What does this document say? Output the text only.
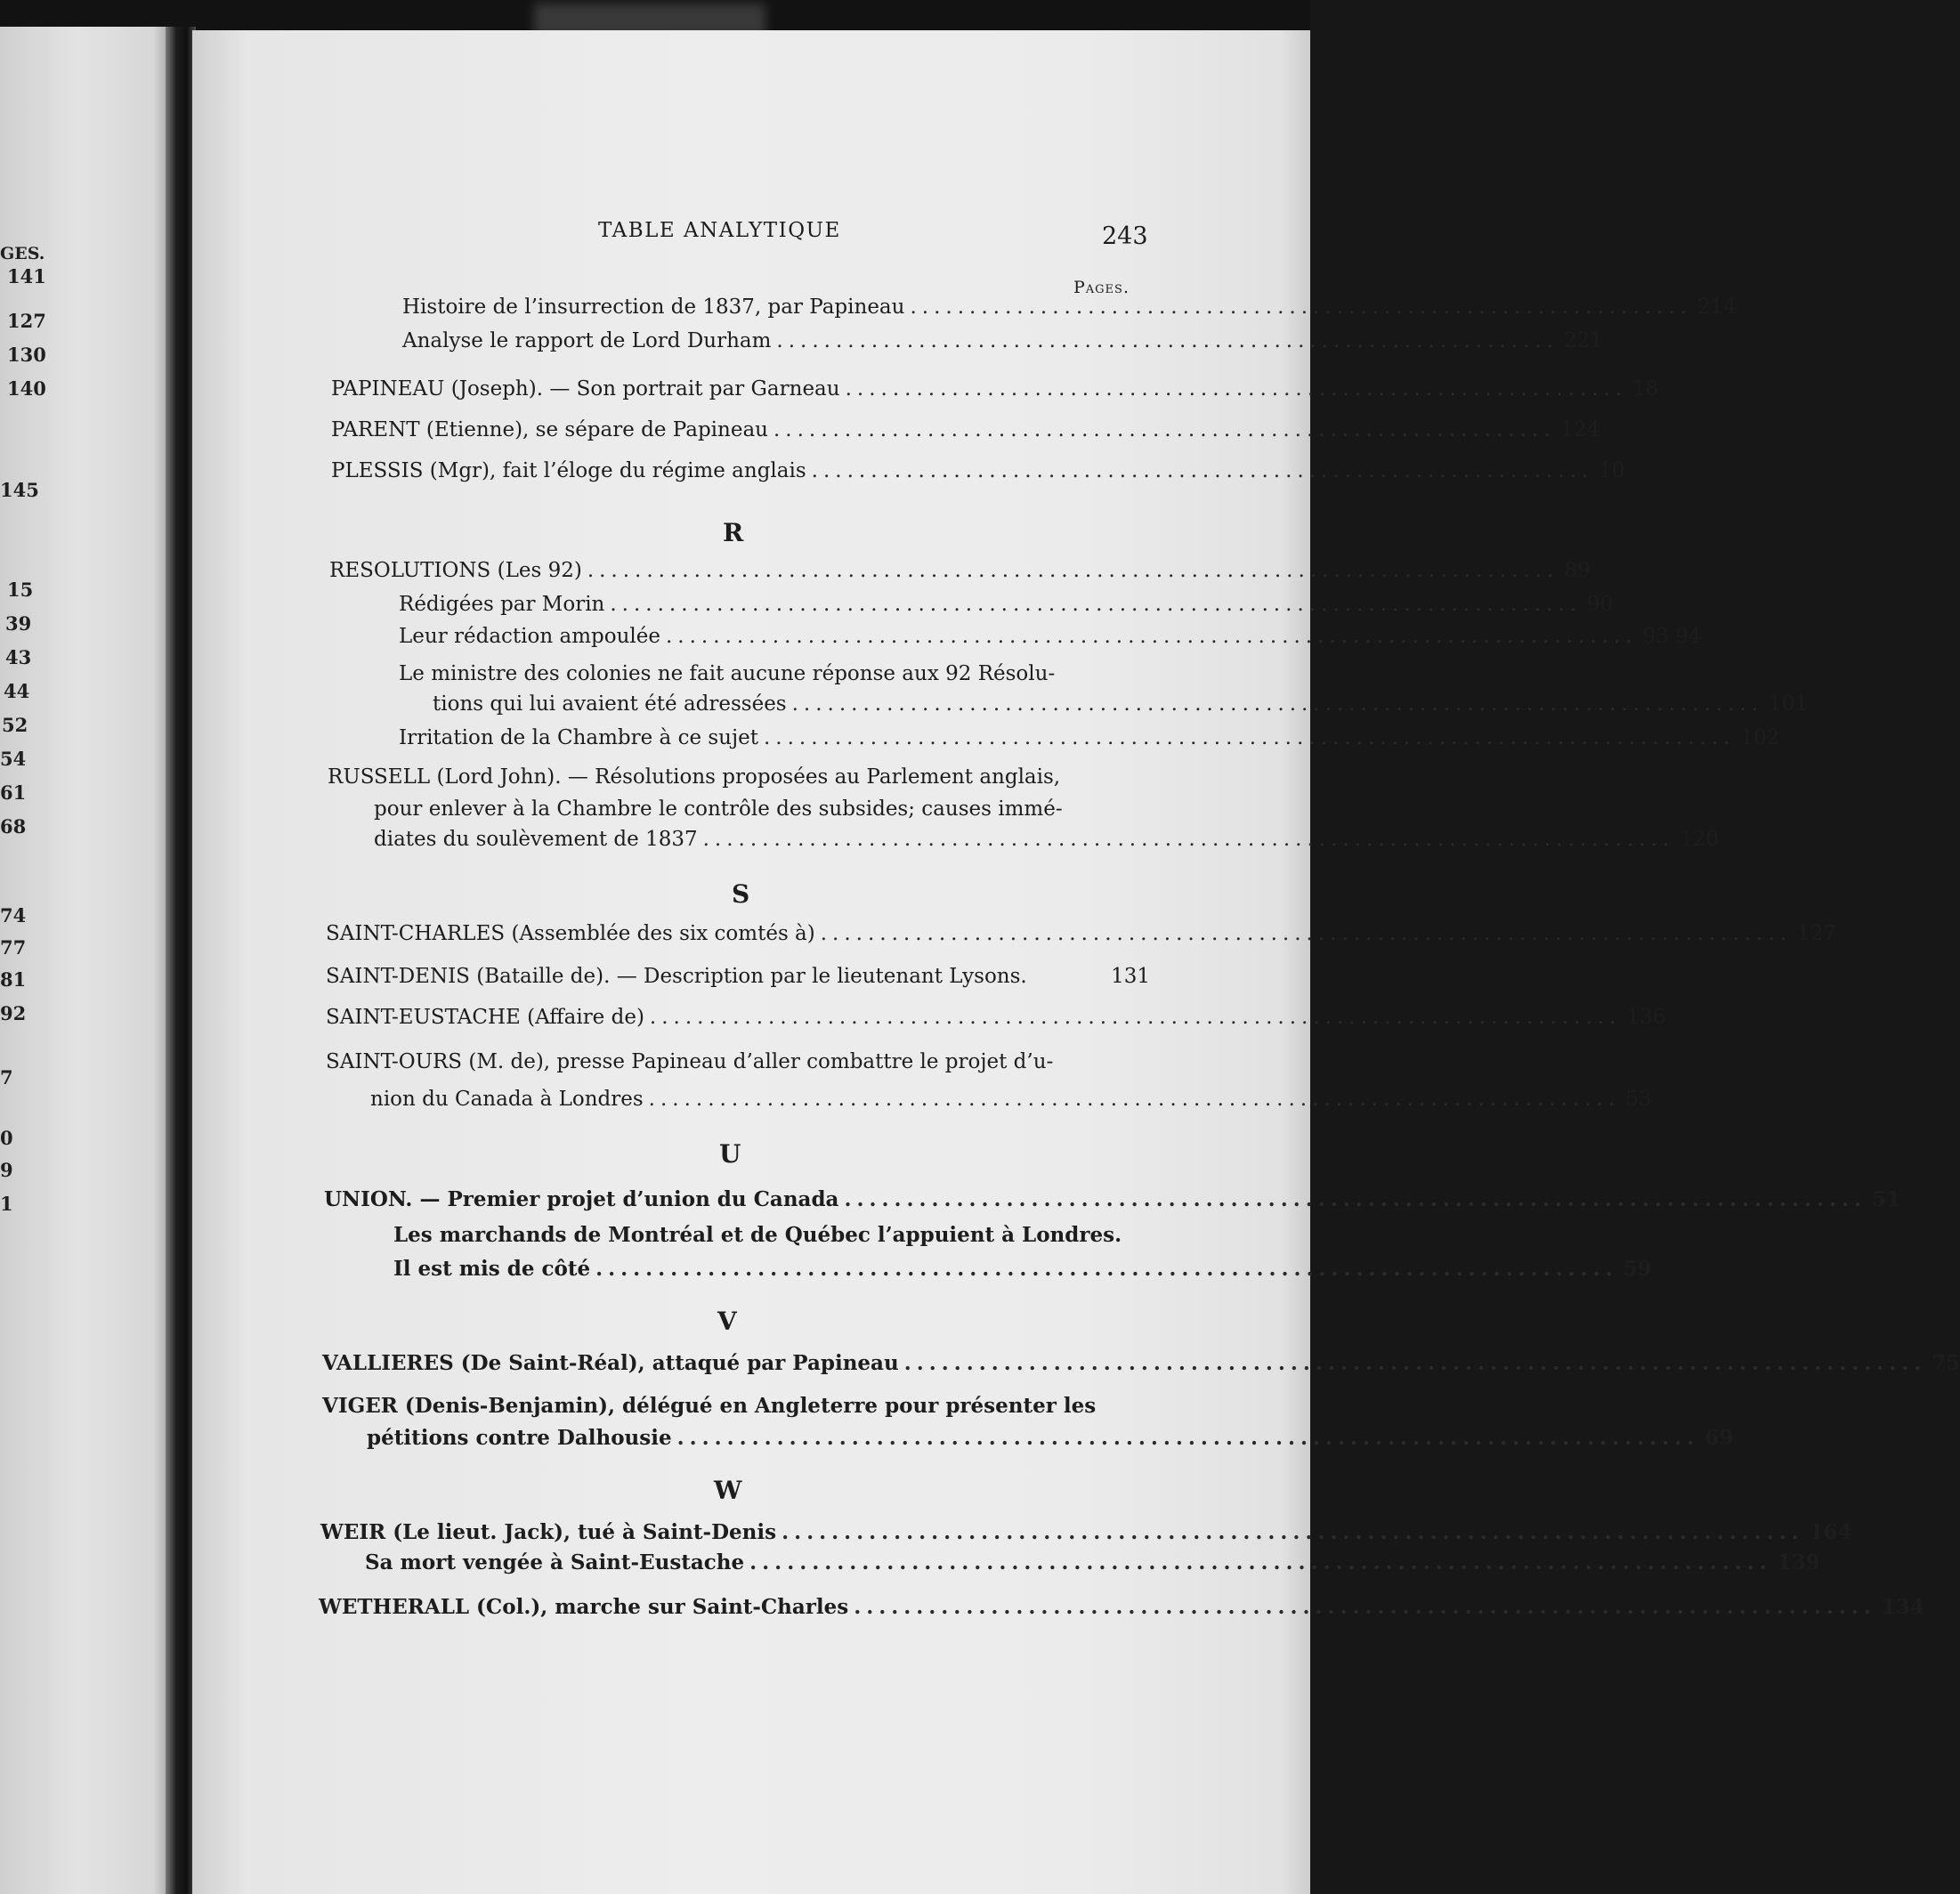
GES.
141
127
130
140
145
15
39
43
44
52
54
61
68
74
77
81
92
7
0
9
1
TABLE ANALYTIQUE	243
Pages.
Histoire de l’insurrection de 1837, par Papineau .................................................................. 214
Analyse le rapport de Lord Durham .................................................................. 221
PAPINEAU (Joseph). — Son portrait par Garneau .................................................................. 18
PARENT (Etienne), se sépare de Papineau .................................................................. 124
PLESSIS (Mgr), fait l’éloge du régime anglais .................................................................. 10
R
RESOLUTIONS (Les 92) .................................................................................. 89
Rédigées par Morin .................................................................................. 90
Leur rédaction ampoulée .................................................................................. 93 94
Le ministre des colonies ne fait aucune réponse aux 92 Résolu-
tions qui lui avaient été adressées .................................................................................. 101
Irritation de la Chambre à ce sujet .................................................................................. 102
RUSSELL (Lord John). — Résolutions proposées au Parlement anglais,
pour enlever à la Chambre le contrôle des subsides; causes immé-
diates du soulèvement de 1837 .................................................................................. 120
S
SAINT-CHARLES (Assemblée des six comtés à) .................................................................................. 127
SAINT-DENIS (Bataille de). — Description par le lieutenant Lysons.	131
SAINT-EUSTACHE (Affaire de) .................................................................................. 136
SAINT-OURS (M. de), presse Papineau d’aller combattre le projet d’u-
nion du Canada à Londres .................................................................................. 53
U
UNION. — Premier projet d’union du Canada .................................................................................. 51
Les marchands de Montréal et de Québec l’appuient à Londres.
Il est mis de côté .................................................................................. 59
V
VALLIERES (De Saint-Réal), attaqué par Papineau .................................................................................. 75
VIGER (Denis-Benjamin), délégué en Angleterre pour présenter les
pétitions contre Dalhousie .................................................................................. 69
W
WEIR (Le lieut. Jack), tué à Saint-Denis .................................................................................. 164
Sa mort vengée à Saint-Eustache .................................................................................. 139
WETHERALL (Col.), marche sur Saint-Charles .................................................................................. 134
